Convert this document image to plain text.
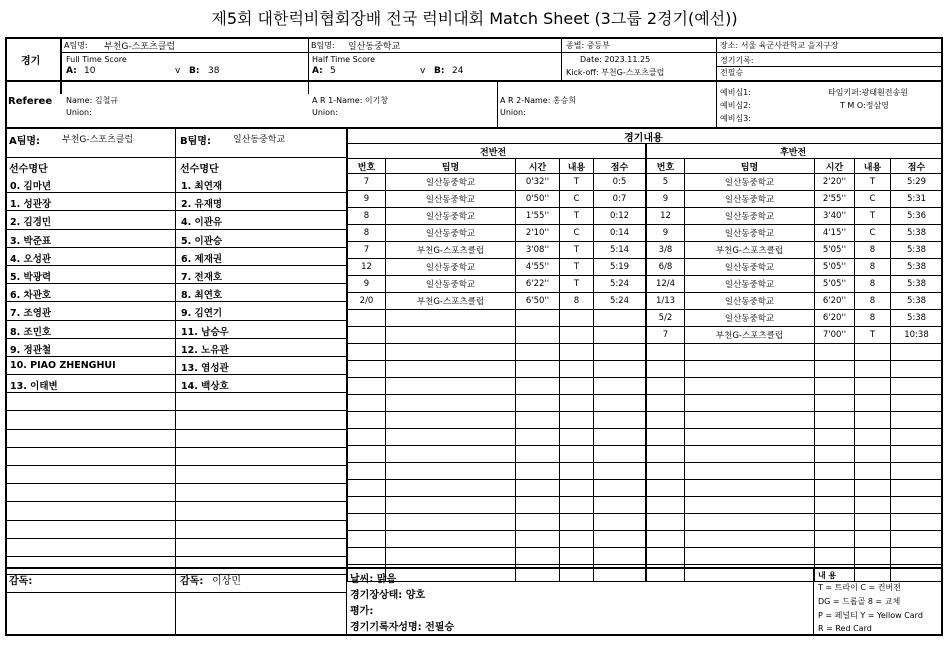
제5회 대한럭비협회장배 전국 럭비대회 Match Sheet (3그룹 2경기(예선))
경기
A팀명: 부천G-스포츠클럽	B팀명: 일산동중학교	종별: 중등부	장소: 서울 육군사관학교 을지구장
Full Time Score
A: 10	v B: 38
Half Time Score
A: 5	v B: 24
Date: 2023.11.25
Kick-off: 부천G-스포츠클럽
경기기록:
전필승
Referee Name: 김철규
Union:
A R 1-Name: 이기창
Union:
A R 2-Name: 홍승희
Union:
예비심1:
예비심2:
예비심3:
타임키퍼:광태훤전송원
T M O:정삼영
A팀명: 부천G-스포츠클럽	B팀명: 일산동중학교
선수명단	선수명단
0. 김마년	1. 최연재
1. 성관장	2. 유재명
2. 김경민	4. 이관유
3. 박준표	5. 이관승
4. 오성관	6. 제재권
5. 박광력	7. 전재호
6. 차관호	8. 최연호
7. 조영관	9. 김연기
8. 조민호	11. 남승우
9. 정관철	12. 노유관
10. PIAO ZHENGHUI	13. 염성관
13. 이태변	14. 백상호
경기내용
전반전	후반전
번호	팀명	시간	내용	점수
7	일산동중학교	0'32''	T	0:5
9	일산동중학교	0'50''	C	0:7
8	일산동중학교	1'55''	T	0:12
8	일산동중학교	2'10''	C	0:14
7	부천G-스포츠클럽	3'08''	T	5:14
12	일산동중학교	4'55''	T	5:19
9	일산동중학교	6'22''	T	5:24
2/0	부천G-스포츠클럽	6'50''	8	5:24

번호	팀명	시간	내용	점수
5	일산동중학교	2'20''	T	5:29
9	일산동중학교	2'55''	C	5:31
12	일산동중학교	3'40''	T	5:36
9	일산동중학교	4'15''	C	5:38
3/8	부천G-스포츠클럽	5'05''	8	5:38
6/8	일산동중학교	5'05''	8	5:38
12/4	일산동중학교	5'05''	8	5:38
1/13	일산동중학교	6'20''	8	5:38
5/2	일산동중학교	6'20''	8	5:38
7	부천G-스포츠클럽	7'00''	T	10:38

감독:	감독: 이상민	날씨: 맑음
경기장상태: 양호
평가:
경기기록자성명: 전필승
내 용
T = 트라이 C = 컨버젼
DG = 드롭골 8 = 교체
P = 페널티 Y = Yellow Card
R = Red Card
